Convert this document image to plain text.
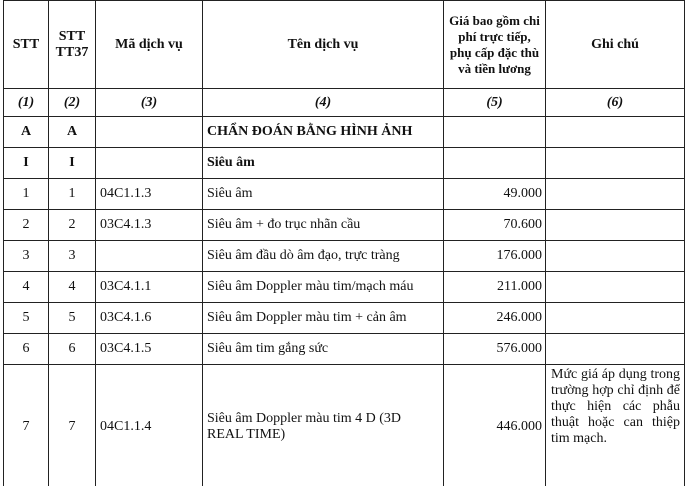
STT	STT TT37	Mã dịch vụ	Tên dịch vụ	Giá bao gồm chi phí trực tiếp, phụ cấp đặc thù và tiền lương	Ghi chú
(1)	(2)	(3)	(4)	(5)	(6)
A	A		CHẨN ĐOÁN BẰNG HÌNH ẢNH		
I	I		Siêu âm		
1	1	04C1.1.3	Siêu âm	49.000	
2	2	03C4.1.3	Siêu âm + đo trục nhãn cầu	70.600	
3	3		Siêu âm đầu dò âm đạo, trực tràng	176.000	
4	4	03C4.1.1	Siêu âm Doppler màu tim/mạch máu	211.000	
5	5	03C4.1.6	Siêu âm Doppler màu tim + cản âm	246.000	
6	6	03C4.1.5	Siêu âm tim gắng sức	576.000	
7	7	04C1.1.4	Siêu âm Doppler màu tim 4 D (3D REAL TIME)	446.000	Mức giá áp dụng trong trường hợp chỉ định để thực hiện các phẫu thuật hoặc can thiệp tim mạch.
